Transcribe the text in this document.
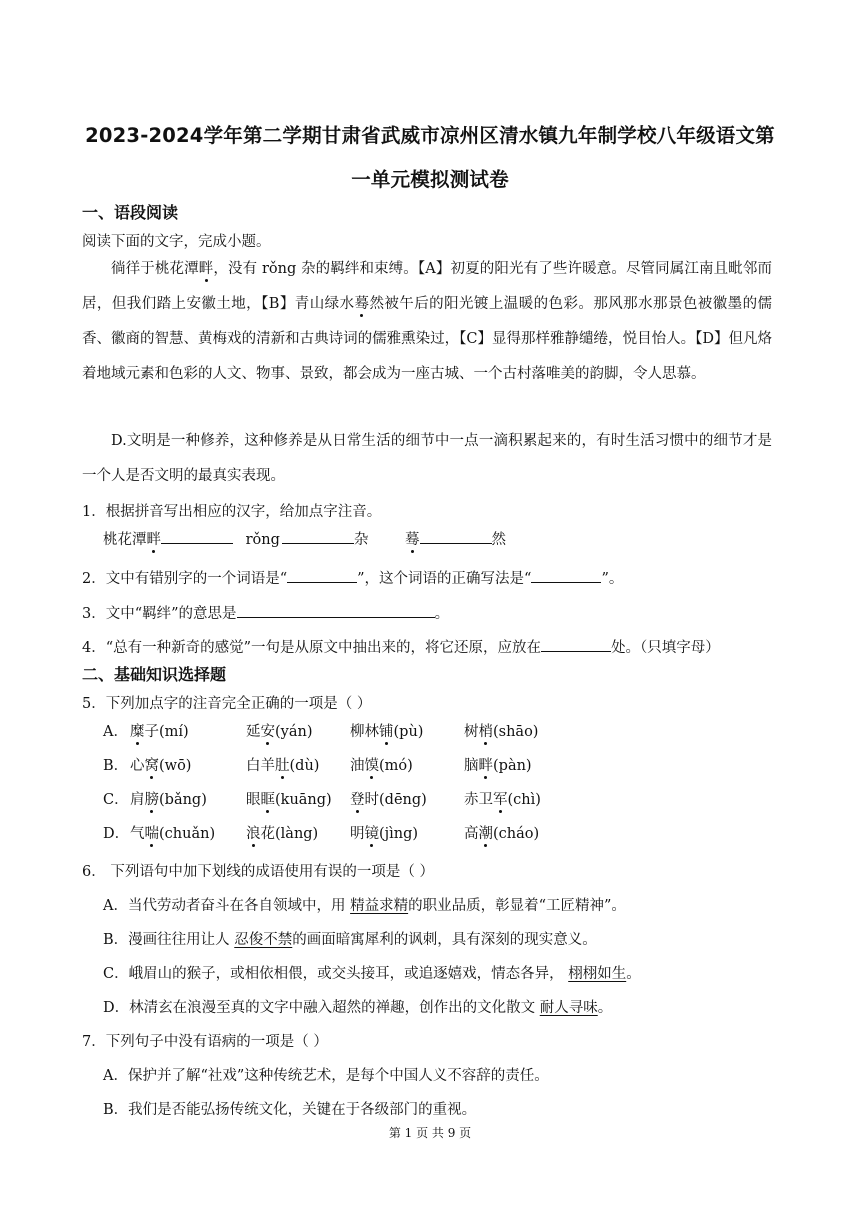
2023-2024学年第二学期甘肃省武威市凉州区清水镇九年制学校八年级语文第
一单元模拟测试卷
一、语段阅读
阅读下面的文字，完成小题。
徜徉于桃花潭畔，没有 rǒng 杂的羁绊和束缚。【A】初夏的阳光有了些许暖意。尽管同属江南且毗邻而居，但我们踏上安徽土地，【B】青山绿水蓦然被午后的阳光镀上温暖的色彩。那风那水那景色被徽墨的儒香、徽商的智慧、黄梅戏的清新和古典诗词的儒雅熏染过，【C】显得那样雅静缱绻，悦目怡人。【D】但凡烙着地域元素和色彩的人文、物事、景致，都会成为一座古城、一个古村落唯美的韵脚，令人思慕。
D.文明是一种修养，这种修养是从日常生活的细节中一点一滴积累起来的，有时生活习惯中的细节才是一个人是否文明的最真实表现。
1．根据拼音写出相应的汉字，给加点字注音。
桃花潭畔	rǒng	杂	蓦	然
2．文中有错别字的一个词语是“	”，这个词语的正确写法是“	”。
3．文中“羁绊”的意思是	。
4．“总有一种新奇的感觉”一句是从原文中抽出来的，将它还原，应放在	处。（只填字母）
二、基础知识选择题
5．下列加点字的注音完全正确的一项是（ ）
A． 糜子(mí)	延安(yán)	柳林铺(pù)	树梢(shāo)
B． 心窝(wō)	白羊肚(dù) 油馍(mó)	脑畔(pàn)
C． 肩膀(bǎng)	眼眶(kuāng) 登时(dēng)	赤卫军(chì)
D． 气喘(chuǎn) 浪花(làng) 明镜(jìng)	高潮(cháo)
6． 下列语句中加下划线的成语使用有误的一项是（ ）
A．当代劳动者奋斗在各自领域中，用 精益求精的职业品质，彰显着“工匠精神”。
B．漫画往往用让人 忍俊不禁的画面暗寓犀利的讽刺，具有深刻的现实意义。
C．峨眉山的猴子，或相依相偎，或交头接耳，或追逐嬉戏，情态各异， 栩栩如生。
D．林清玄在浪漫至真的文字中融入超然的禅趣，创作出的文化散文 耐人寻味。
7．下列句子中没有语病的一项是（ ）
A．保护并了解“社戏”这种传统艺术，是每个中国人义不容辞的责任。
B．我们是否能弘扬传统文化，关键在于各级部门的重视。
第 1 页 共 9 页
